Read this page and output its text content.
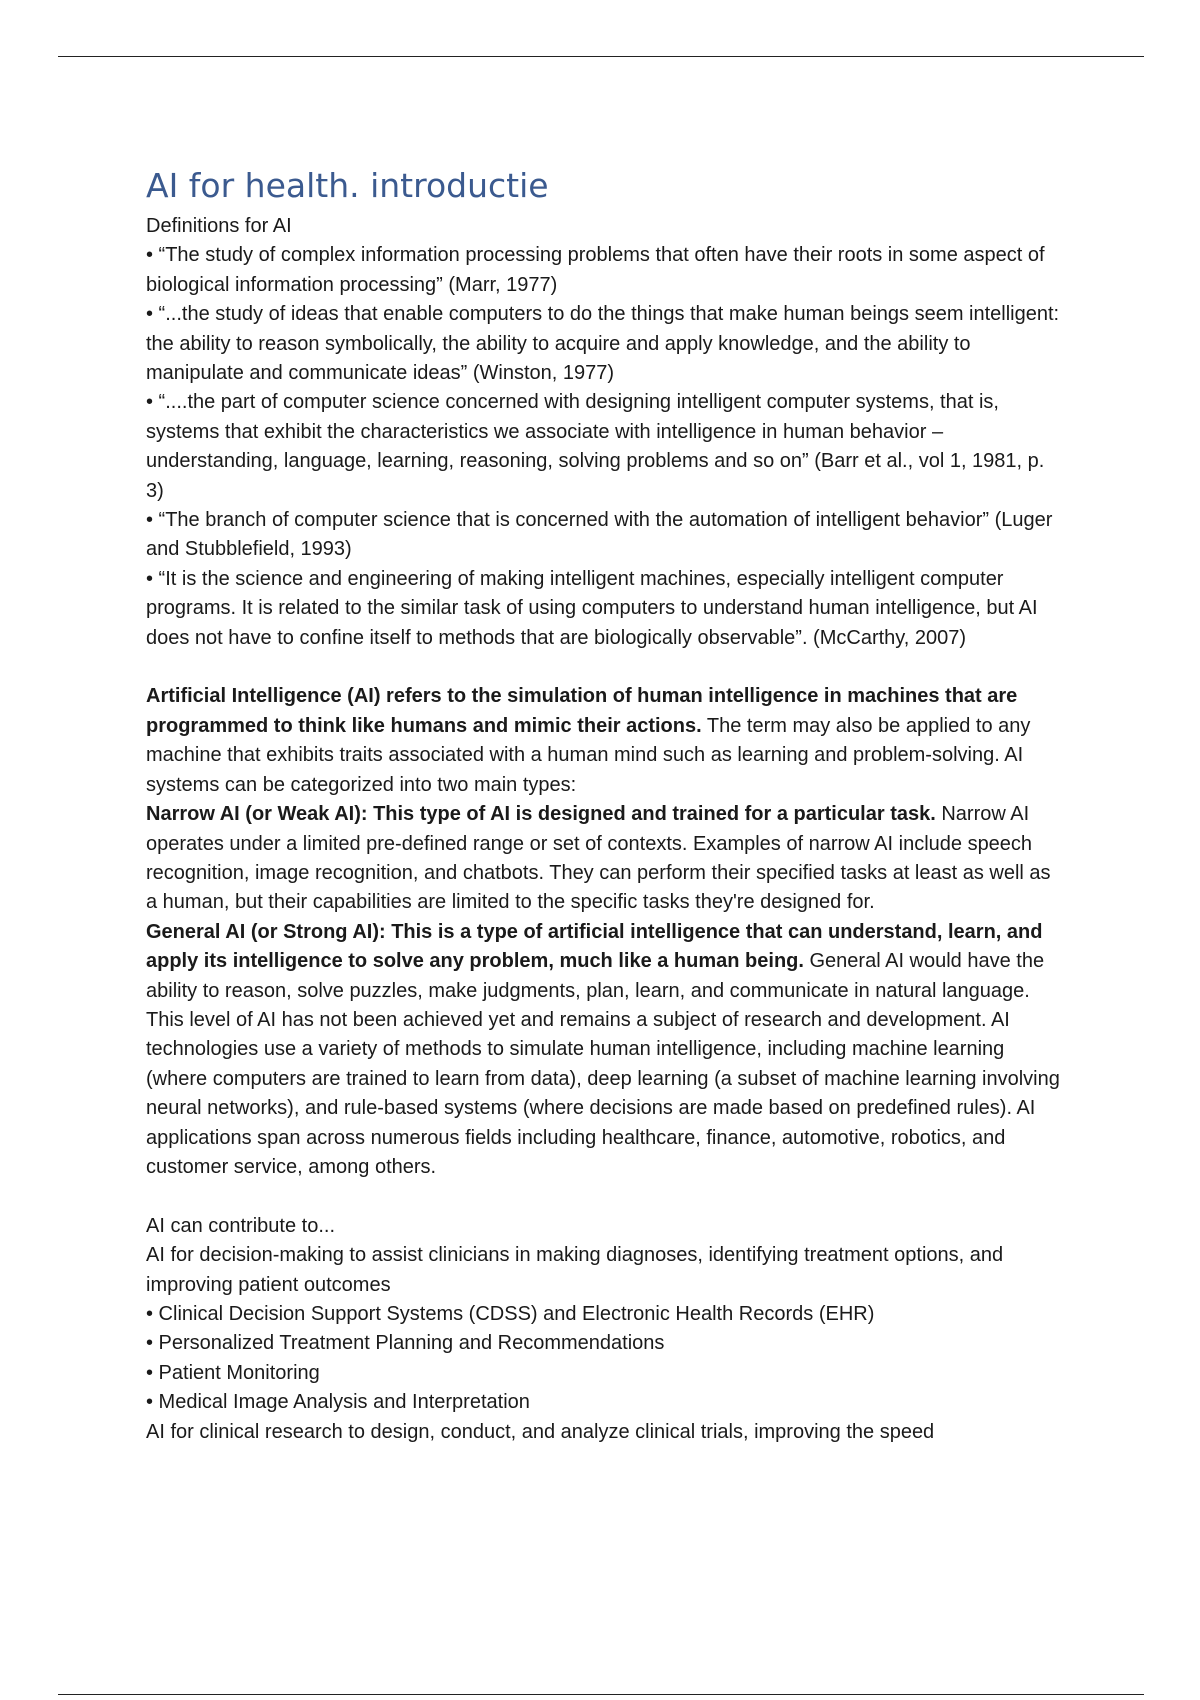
AI for health. introductie
Definitions for AI
• “The study of complex information processing problems that often have their roots in some aspect of biological information processing” (Marr, 1977)
• “...the study of ideas that enable computers to do the things that make human beings seem intelligent: the ability to reason symbolically, the ability to acquire and apply knowledge, and the ability to manipulate and communicate ideas” (Winston, 1977)
• “....the part of computer science concerned with designing intelligent computer systems, that is, systems that exhibit the characteristics we associate with intelligence in human behavior – understanding, language, learning, reasoning, solving problems and so on” (Barr et al., vol 1, 1981, p. 3)
• “The branch of computer science that is concerned with the automation of intelligent behavior” (Luger and Stubblefield, 1993)
• “It is the science and engineering of making intelligent machines, especially intelligent computer programs. It is related to the similar task of using computers to understand human intelligence, but AI does not have to confine itself to methods that are biologically observable”. (McCarthy, 2007)

Artificial Intelligence (AI) refers to the simulation of human intelligence in machines that are programmed to think like humans and mimic their actions. The term may also be applied to any machine that exhibits traits associated with a human mind such as learning and problem-solving. AI systems can be categorized into two main types:

Narrow AI (or Weak AI): This type of AI is designed and trained for a particular task. Narrow AI operates under a limited pre-defined range or set of contexts. Examples of narrow AI include speech recognition, image recognition, and chatbots. They can perform their specified tasks at least as well as a human, but their capabilities are limited to the specific tasks they're designed for.

General AI (or Strong AI): This is a type of artificial intelligence that can understand, learn, and apply its intelligence to solve any problem, much like a human being. General AI would have the ability to reason, solve puzzles, make judgments, plan, learn, and communicate in natural language.

This level of AI has not been achieved yet and remains a subject of research and development. AI technologies use a variety of methods to simulate human intelligence, including machine learning (where computers are trained to learn from data), deep learning (a subset of machine learning involving neural networks), and rule-based systems (where decisions are made based on predefined rules). AI applications span across numerous fields including healthcare, finance, automotive, robotics, and customer service, among others.

AI can contribute to...

AI for decision-making to assist clinicians in making diagnoses, identifying treatment options, and improving patient outcomes

• Clinical Decision Support Systems (CDSS) and Electronic Health Records (EHR)
• Personalized Treatment Planning and Recommendations
• Patient Monitoring
• Medical Image Analysis and Interpretation

AI for clinical research to design, conduct, and analyze clinical trials, improving the speed
